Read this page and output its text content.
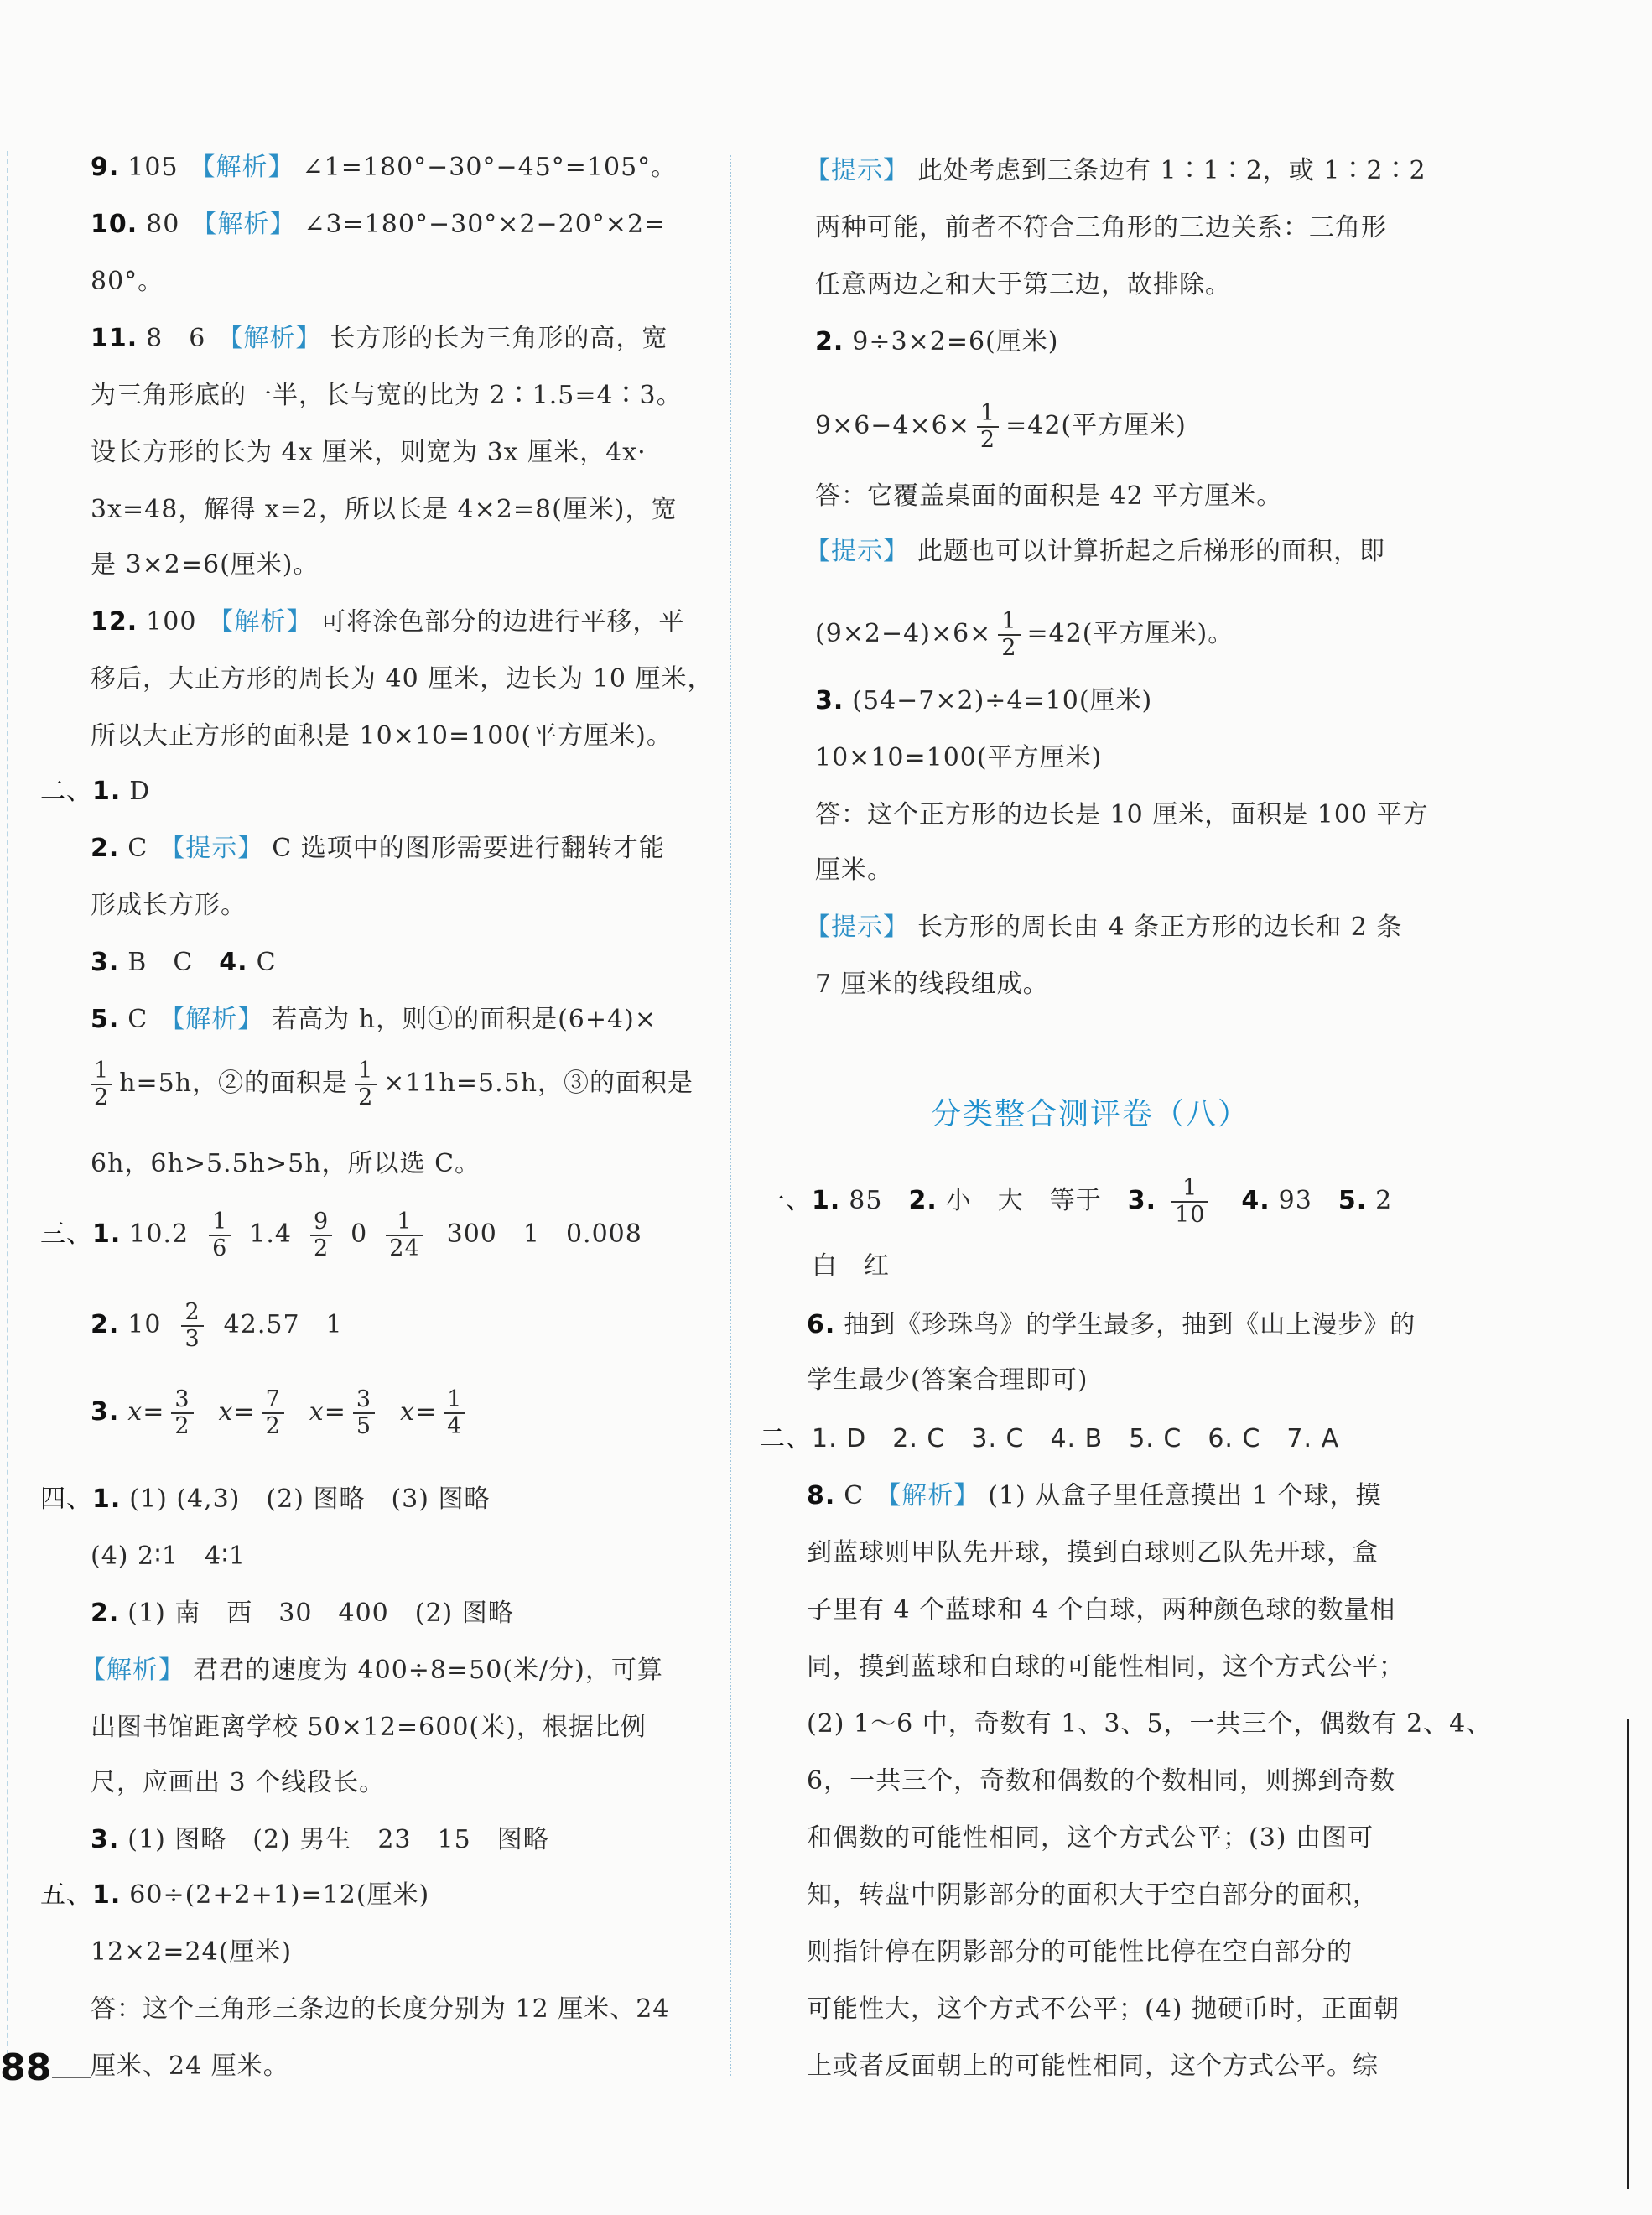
9. 105 【解析】 ∠1=180°−30°−45°=105°。
10. 80 【解析】 ∠3=180°−30°×2−20°×2=
80°。
11. 8　6 【解析】 长方形的长为三角形的高，宽
为三角形底的一半，长与宽的比为 2∶1.5=4∶3。
设长方形的长为 4x 厘米，则宽为 3x 厘米，4x·
3x=48，解得 x=2，所以长是 4×2=8(厘米)，宽
是 3×2=6(厘米)。
12. 100 【解析】 可将涂色部分的边进行平移，平
移后，大正方形的周长为 40 厘米，边长为 10 厘米，
所以大正方形的面积是 10×10=100(平方厘米)。
二、1. D
2. C 【提示】 C 选项中的图形需要进行翻转才能
形成长方形。
3. B　C　 4. C
5. C 【解析】 若高为 h，则①的面积是(6+4)×
$\frac{1}{2} h=5h$，②的面积是 $\frac{1}{2} \times 11h=5.5h$，③的面积是
6h，6h>5.5h>5h，所以选 C。
三、1. $10.2 \frac{1}{6} 1.4 \frac{9}{2} 0 \frac{1}{24} 300$　1　0.008
2. $10 \frac{2}{3} 42.57$　1
3. $x= \frac{3}{2} x= \frac{7}{2} x= \frac{3}{5} x= \frac{1}{4}$
四、1. (1) (4,3)　(2) 图略　(3) 图略
(4) 2∶1　4∶1
2. (1) 南　西　30　400　(2) 图略
【解析】 君君的速度为 400÷8=50(米/分)，可算
出图书馆距离学校 50×12=600(米)，根据比例
尺，应画出 3 个线段长。
3. (1) 图略　(2) 男生　23　15　图略
五、1. 60÷(2+2+1)=12(厘米)
12×2=24(厘米)
答：这个三角形三条边的长度分别为 12 厘米、24
厘米、24 厘米。
【提示】 此处考虑到三条边有 1∶1∶2，或 1∶2∶2
两种可能，前者不符合三角形的三边关系：三角形
任意两边之和大于第三边，故排除。
2. 9÷3×2=6(厘米)
$9\times 6-4\times 6\times \frac{1}{2} =42$(平方厘米)
答：它覆盖桌面的面积是 42 平方厘米。
【提示】 此题也可以计算折起之后梯形的面积，即
$(9\times 2-4)\times 6\times \frac{1}{2} =42$(平方厘米)。
3. (54−7×2)÷4=10(厘米)
10×10=100(平方厘米)
答：这个正方形的边长是 10 厘米，面积是 100 平方
厘米。
【提示】 长方形的周长由 4 条正方形的边长和 2 条
7 厘米的线段组成。
分类整合测评卷（八）
一、1. 85　 2. 小　大　等于　 3. $\frac{1}{10}$
　 4. 93　 5. 2
白　红
6. 抽到《珍珠鸟》的学生最多，抽到《山上漫步》的
学生最少(答案合理即可)
二、1. D　2. C　3. C　4. B　5. C　6. C　7. A
8. C 【解析】 (1) 从盒子里任意摸出 1 个球，摸
到蓝球则甲队先开球，摸到白球则乙队先开球，盒
子里有 4 个蓝球和 4 个白球，两种颜色球的数量相
同，摸到蓝球和白球的可能性相同，这个方式公平；
(2) 1～6 中，奇数有 1、3、5，一共三个，偶数有 2、4、
6，一共三个，奇数和偶数的个数相同，则掷到奇数
和偶数的可能性相同，这个方式公平；(3) 由图可
知，转盘中阴影部分的面积大于空白部分的面积，
则指针停在阴影部分的可能性比停在空白部分的
可能性大，这个方式不公平；(4) 抛硬币时，正面朝
上或者反面朝上的可能性相同，这个方式公平。综
88
